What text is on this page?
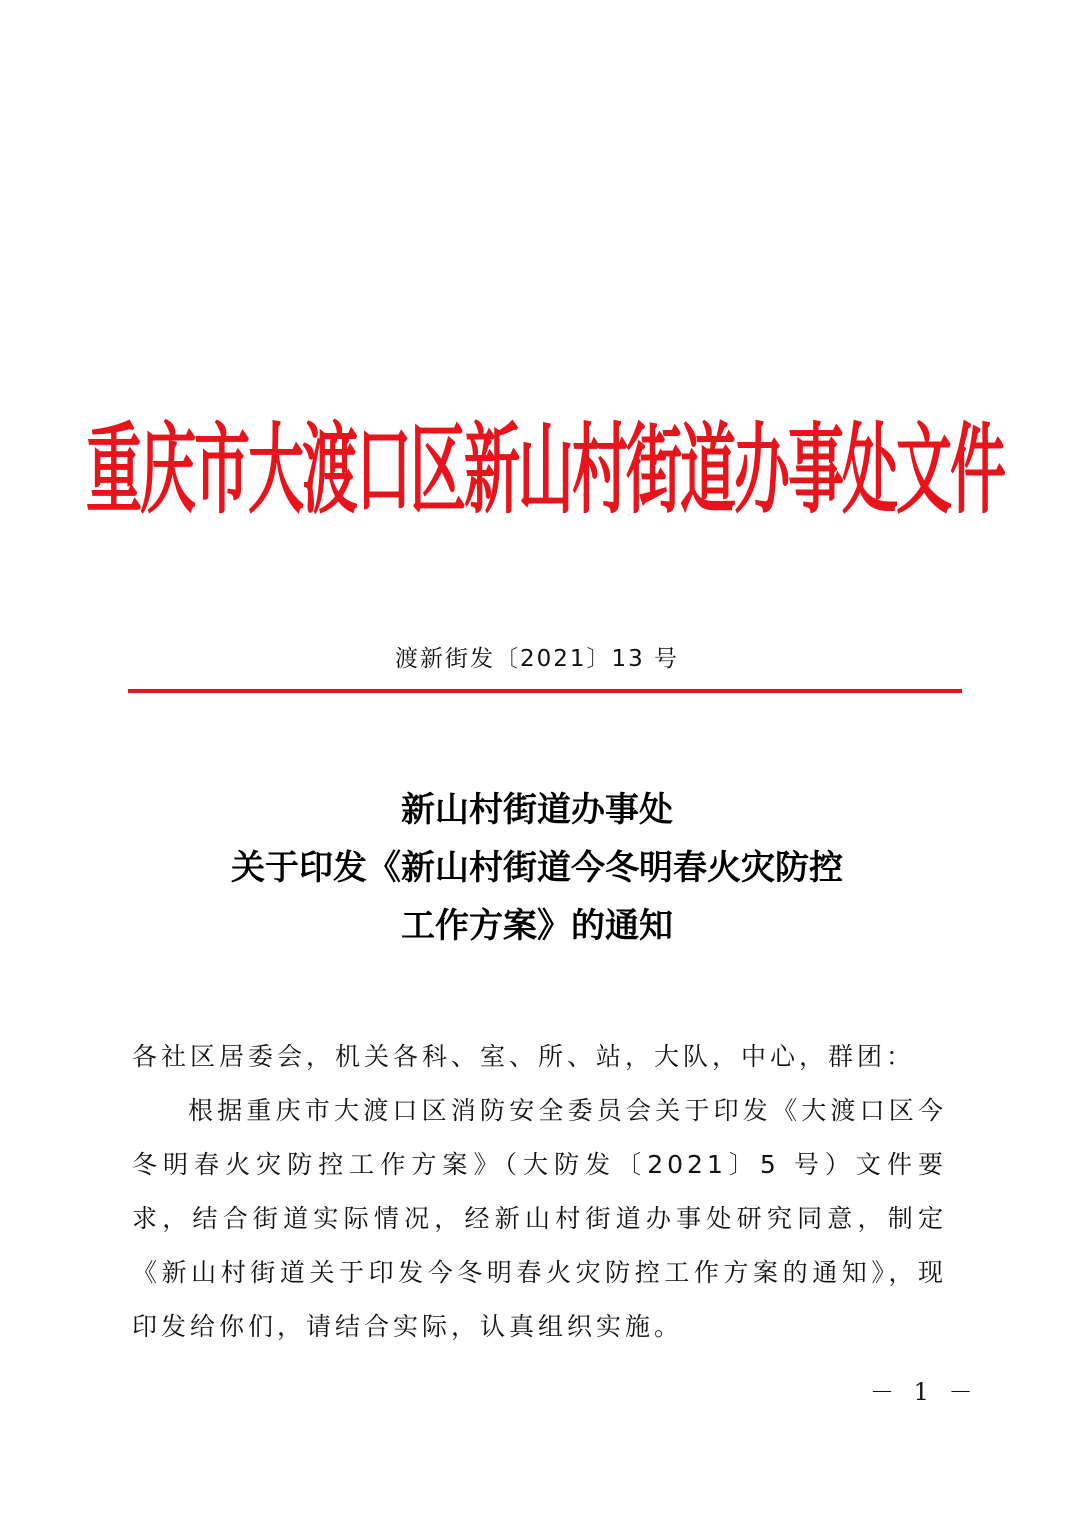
重庆市大渡口区新山村街道办事处文件
渡新街发〔2021〕13 号
新山村街道办事处
关于印发《新山村街道今冬明春火灾防控
工作方案》的通知
各社区居委会，机关各科、室、所、站，大队，中心，群团：
根据重庆市大渡口区消防安全委员会关于印发《大渡口区今冬明春火灾防控工作方案》（大防发〔2021〕5 号）文件要求，结合街道实际情况，经新山村街道办事处研究同意，制定《新山村街道关于印发今冬明春火灾防控工作方案的通知》，现印发给你们，请结合实际，认真组织实施。
－ 1 －
